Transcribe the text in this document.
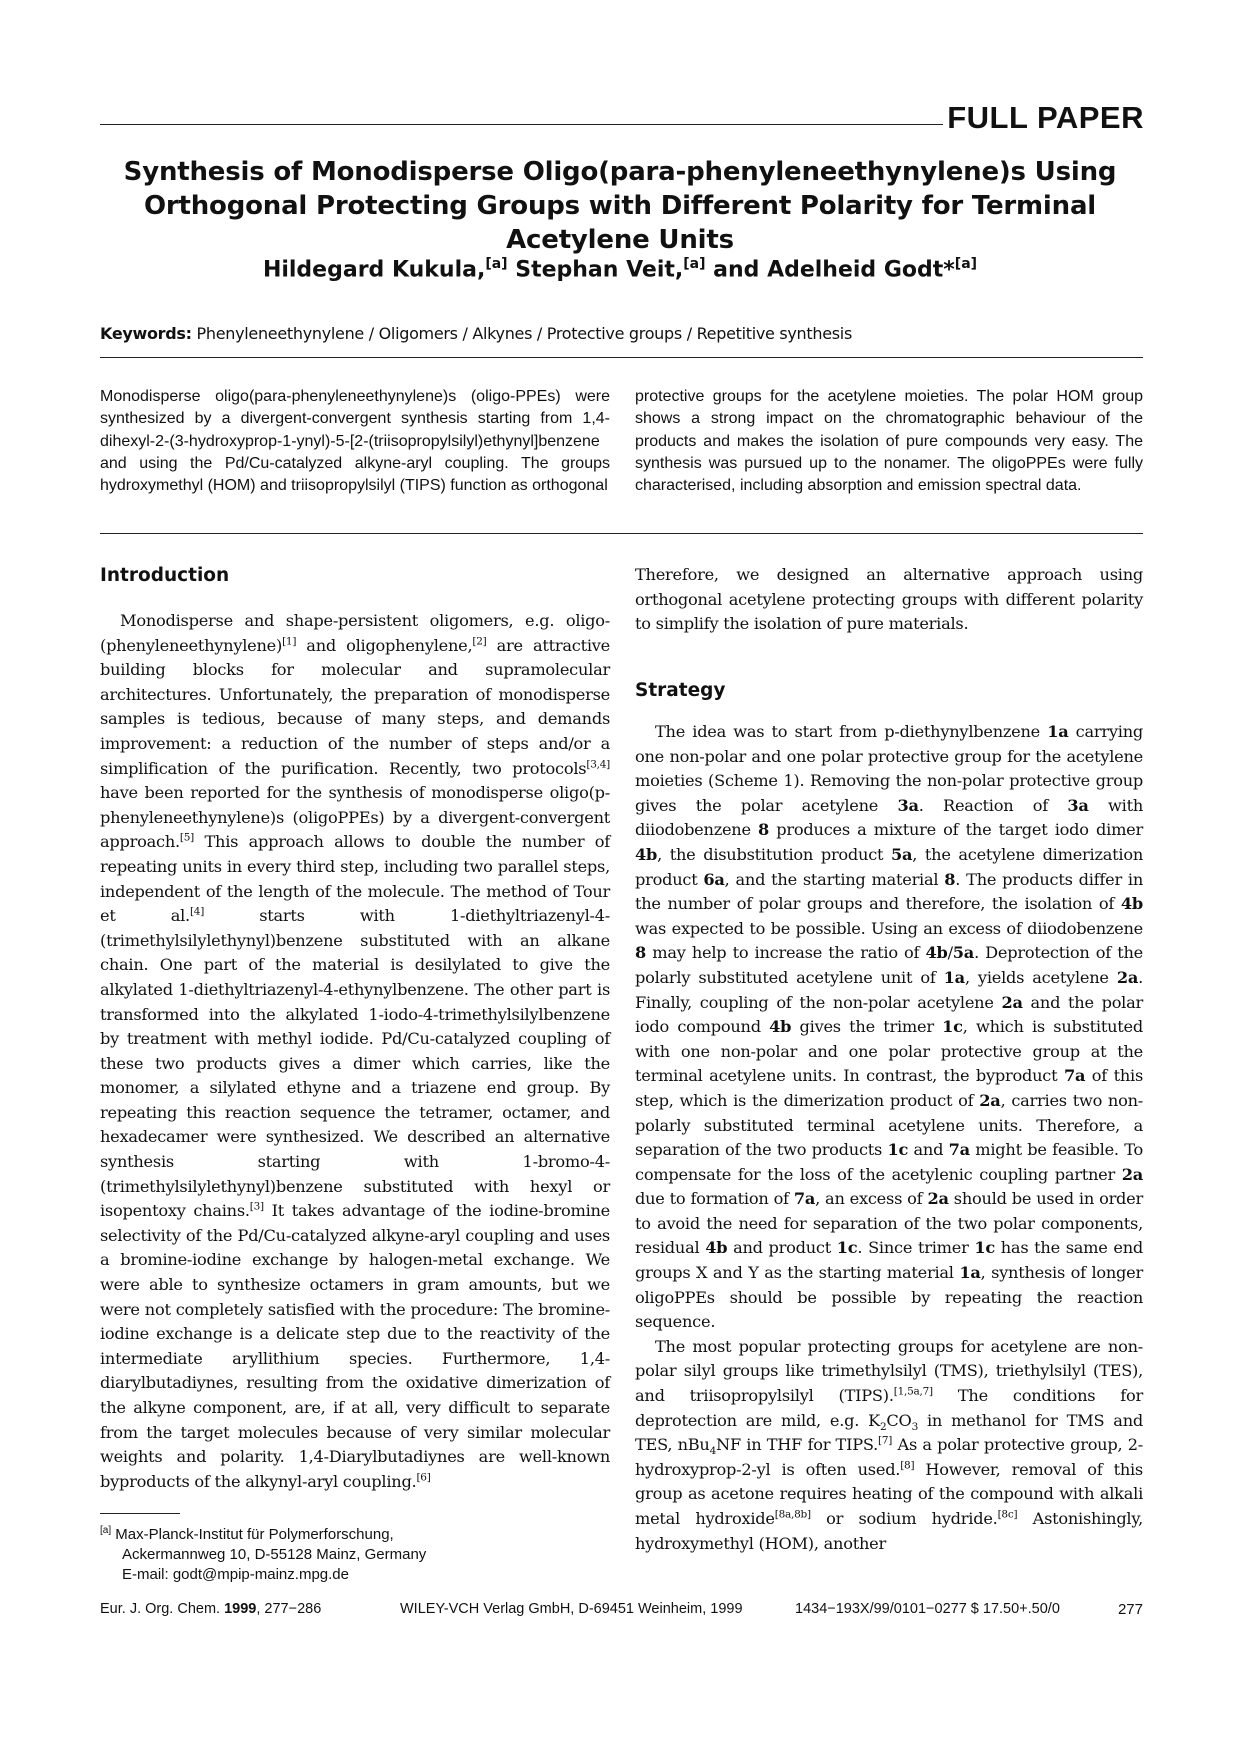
FULL PAPER
Synthesis of Monodisperse Oligo(para-phenyleneethynylene)s Using Orthogonal Protecting Groups with Different Polarity for Terminal Acetylene Units
Hildegard Kukula,[a] Stephan Veit,[a] and Adelheid Godt*[a]
Keywords: Phenyleneethynylene / Oligomers / Alkynes / Protective groups / Repetitive synthesis
Monodisperse oligo(para-phenyleneethynylene)s (oligo-PPEs) were synthesized by a divergent-convergent synthesis starting from 1,4-dihexyl-2-(3-hydroxyprop-1-ynyl)-5-[2-(triisopropylsilyl)ethynyl]benzene and using the Pd/Cu-catalyzed alkyne-aryl coupling. The groups hydroxymethyl (HOM) and triisopropylsilyl (TIPS) function as orthogonal
protective groups for the acetylene moieties. The polar HOM group shows a strong impact on the chromatographic behaviour of the products and makes the isolation of pure compounds very easy. The synthesis was pursued up to the nonamer. The oligoPPEs were fully characterised, including absorption and emission spectral data.
Introduction

Monodisperse and shape-persistent oligomers, e.g. oligo-(phenyleneethynylene)[1] and oligophenylene,[2] are attractive building blocks for molecular and supramolecular architectures. Unfortunately, the preparation of monodisperse samples is tedious, because of many steps, and demands improvement: a reduction of the number of steps and/or a simplification of the purification. Recently, two protocols[3,4] have been reported for the synthesis of monodisperse oligo(p-phenyleneethynylene)s (oligoPPEs) by a divergent-convergent approach.[5] This approach allows to double the number of repeating units in every third step, including two parallel steps, independent of the length of the molecule. The method of Tour et al.[4] starts with 1-diethyltriazenyl-4-(trimethylsilylethynyl)benzene substituted with an alkane chain. One part of the material is desilylated to give the alkylated 1-diethyltriazenyl-4-ethynylbenzene. The other part is transformed into the alkylated 1-iodo-4-trimethylsilylbenzene by treatment with methyl iodide. Pd/Cu-catalyzed coupling of these two products gives a dimer which carries, like the monomer, a silylated ethyne and a triazene end group. By repeating this reaction sequence the tetramer, octamer, and hexadecamer were synthesized. We described an alternative synthesis starting with 1-bromo-4-(trimethylsilylethynyl)benzene substituted with hexyl or isopentoxy chains.[3] It takes advantage of the iodine-bromine selectivity of the Pd/Cu-catalyzed alkyne-aryl coupling and uses a bromine-iodine exchange by halogen-metal exchange. We were able to synthesize octamers in gram amounts, but we were not completely satisfied with the procedure: The bromine-iodine exchange is a delicate step due to the reactivity of the intermediate aryllithium species. Furthermore, 1,4-diarylbutadiynes, resulting from the oxidative dimerization of the alkyne component, are, if at all, very difficult to separate from the target molecules because of very similar molecular weights and polarity. 1,4-Diarylbutadiynes are well-known byproducts of the alkynyl-aryl coupling.[6]

Therefore, we designed an alternative approach using orthogonal acetylene protecting groups with different polarity to simplify the isolation of pure materials.

Strategy

The idea was to start from p-diethynylbenzene 1a carrying one non-polar and one polar protective group for the acetylene moieties (Scheme 1). Removing the non-polar protective group gives the polar acetylene 3a. Reaction of 3a with diiodobenzene 8 produces a mixture of the target iodo dimer 4b, the disubstitution product 5a, the acetylene dimerization product 6a, and the starting material 8. The products differ in the number of polar groups and therefore, the isolation of 4b was expected to be possible. Using an excess of diiodobenzene 8 may help to increase the ratio of 4b/5a. Deprotection of the polarly substituted acetylene unit of 1a, yields acetylene 2a. Finally, coupling of the non-polar acetylene 2a and the polar iodo compound 4b gives the trimer 1c, which is substituted with one non-polar and one polar protective group at the terminal acetylene units. In contrast, the byproduct 7a of this step, which is the dimerization product of 2a, carries two non-polarly substituted terminal acetylene units. Therefore, a separation of the two products 1c and 7a might be feasible. To compensate for the loss of the acetylenic coupling partner 2a due to formation of 7a, an excess of 2a should be used in order to avoid the need for separation of the two polar components, residual 4b and product 1c. Since trimer 1c has the same end groups X and Y as the starting material 1a, synthesis of longer oligoPPEs should be possible by repeating the reaction sequence.

The most popular protecting groups for acetylene are non-polar silyl groups like trimethylsilyl (TMS), triethylsilyl (TES), and triisopropylsilyl (TIPS).[1,5a,7] The conditions for deprotection are mild, e.g. $K_2CO_3$ in methanol for TMS and TES, nBu$_4$NF in THF for TIPS.[7] As a polar protective group, 2-hydroxyprop-2-yl is often used.[8] However, removal of this group as acetone requires heating of the compound with alkali metal hydroxide[8a,8b] or sodium hydride.[8c] Astonishingly, hydroxymethyl (HOM), another

[a] Max-Planck-Institut für Polymerforschung,
Ackermannweg 10, D-55128 Mainz, Germany
E-mail: godt@mpip-mainz.mpg.de
Eur. J. Org. Chem. 1999, 277−286	WILEY-VCH Verlag GmbH, D-69451 Weinheim, 1999	1434−193X/99/0101−0277 $ 17.50+.50/0	277
